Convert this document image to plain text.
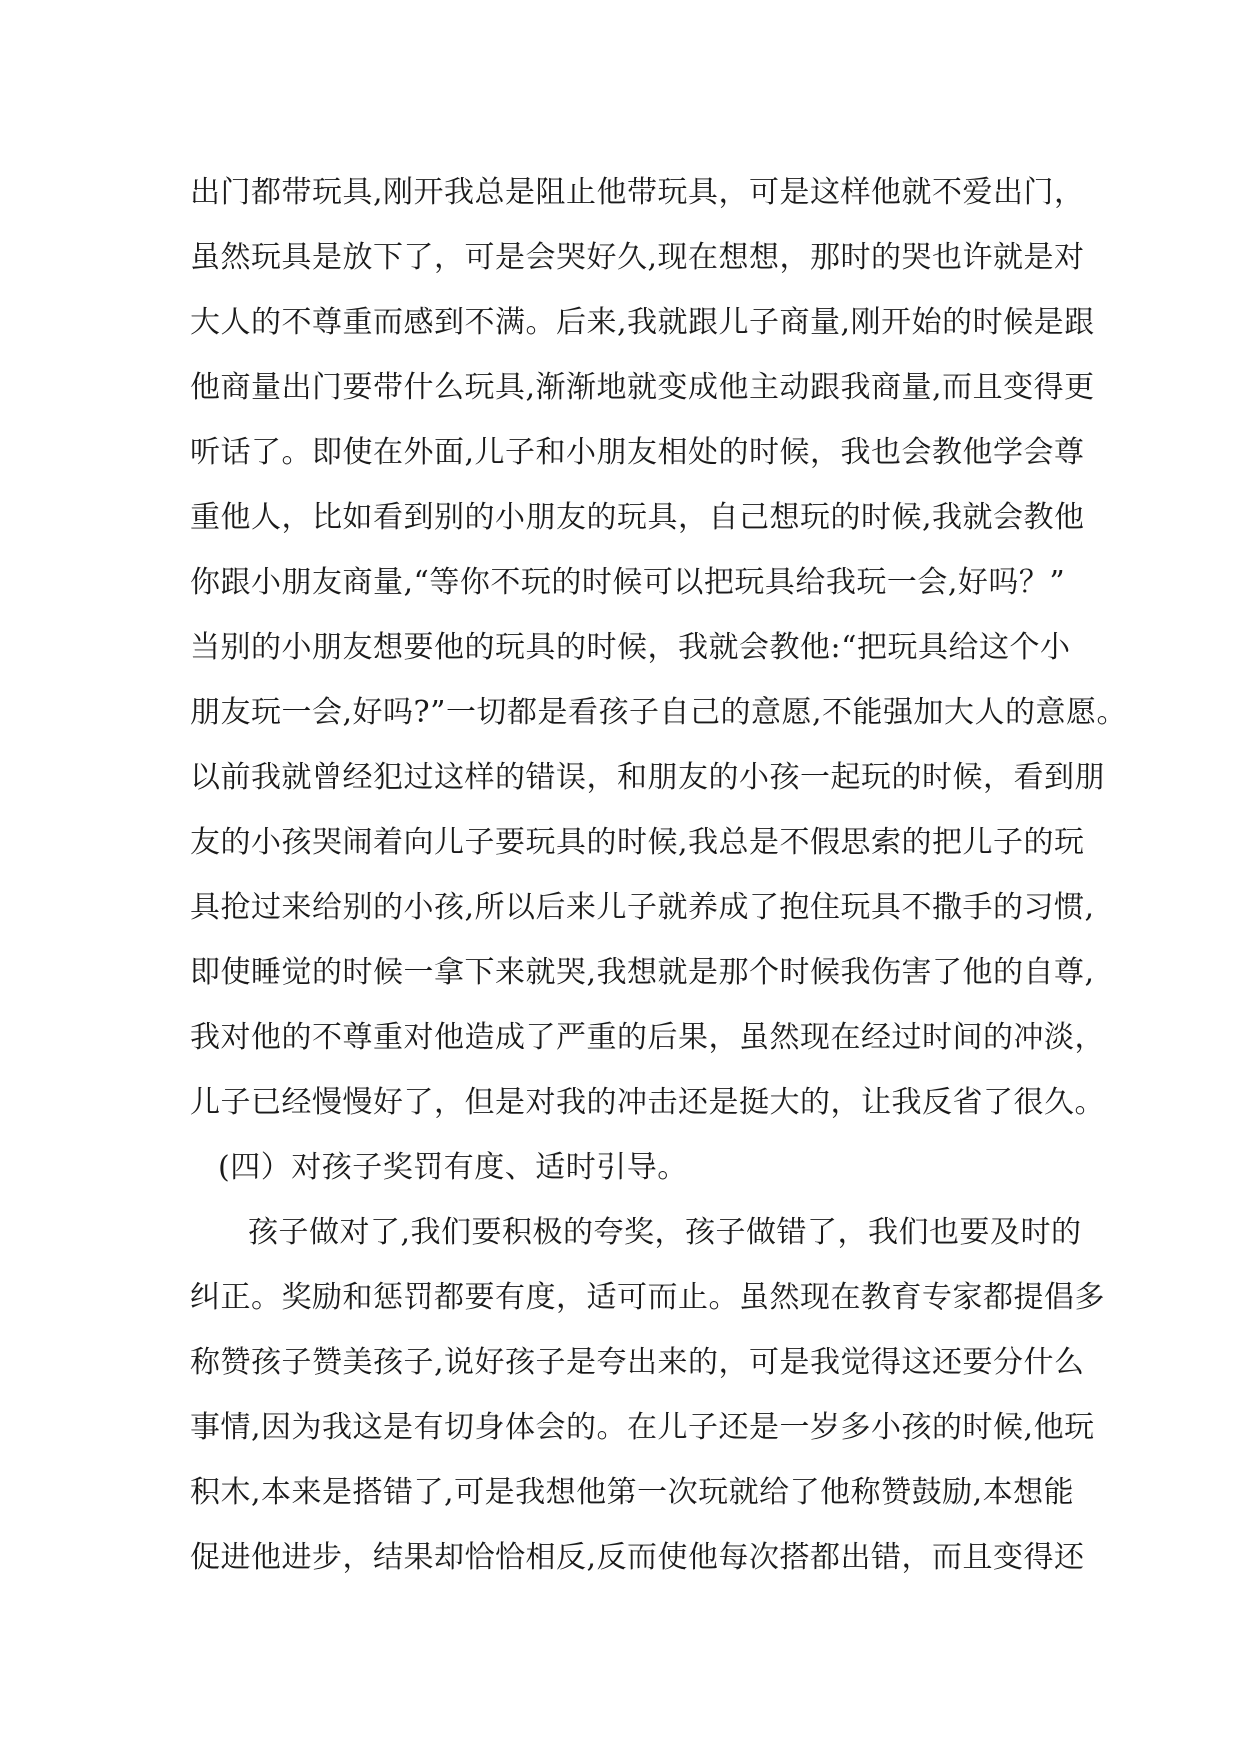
出门都带玩具,刚开我总是阻止他带玩具，可是这样他就不爱出门，
虽然玩具是放下了，可是会哭好久,现在想想，那时的哭也许就是对
大人的不尊重而感到不满。后来,我就跟儿子商量,刚开始的时候是跟
他商量出门要带什么玩具,渐渐地就变成他主动跟我商量,而且变得更
听话了。即使在外面,儿子和小朋友相处的时候，我也会教他学会尊
重他人，比如看到别的小朋友的玩具，自己想玩的时候,我就会教他
你跟小朋友商量,“等你不玩的时候可以把玩具给我玩一会,好吗？”
当别的小朋友想要他的玩具的时候，我就会教他:“把玩具给这个小
朋友玩一会,好吗?”一切都是看孩子自己的意愿,不能强加大人的意愿。
以前我就曾经犯过这样的错误，和朋友的小孩一起玩的时候，看到朋
友的小孩哭闹着向儿子要玩具的时候,我总是不假思索的把儿子的玩
具抢过来给别的小孩,所以后来儿子就养成了抱住玩具不撒手的习惯,
即使睡觉的时候一拿下来就哭,我想就是那个时候我伤害了他的自尊,
我对他的不尊重对他造成了严重的后果，虽然现在经过时间的冲淡，
儿子已经慢慢好了，但是对我的冲击还是挺大的，让我反省了很久。
(四）对孩子奖罚有度、适时引导。
孩子做对了,我们要积极的夸奖，孩子做错了，我们也要及时的
纠正。奖励和惩罚都要有度，适可而止。虽然现在教育专家都提倡多
称赞孩子赞美孩子,说好孩子是夸出来的，可是我觉得这还要分什么
事情,因为我这是有切身体会的。在儿子还是一岁多小孩的时候,他玩
积木,本来是搭错了,可是我想他第一次玩就给了他称赞鼓励,本想能
促进他进步，结果却恰恰相反,反而使他每次搭都出错，而且变得还
